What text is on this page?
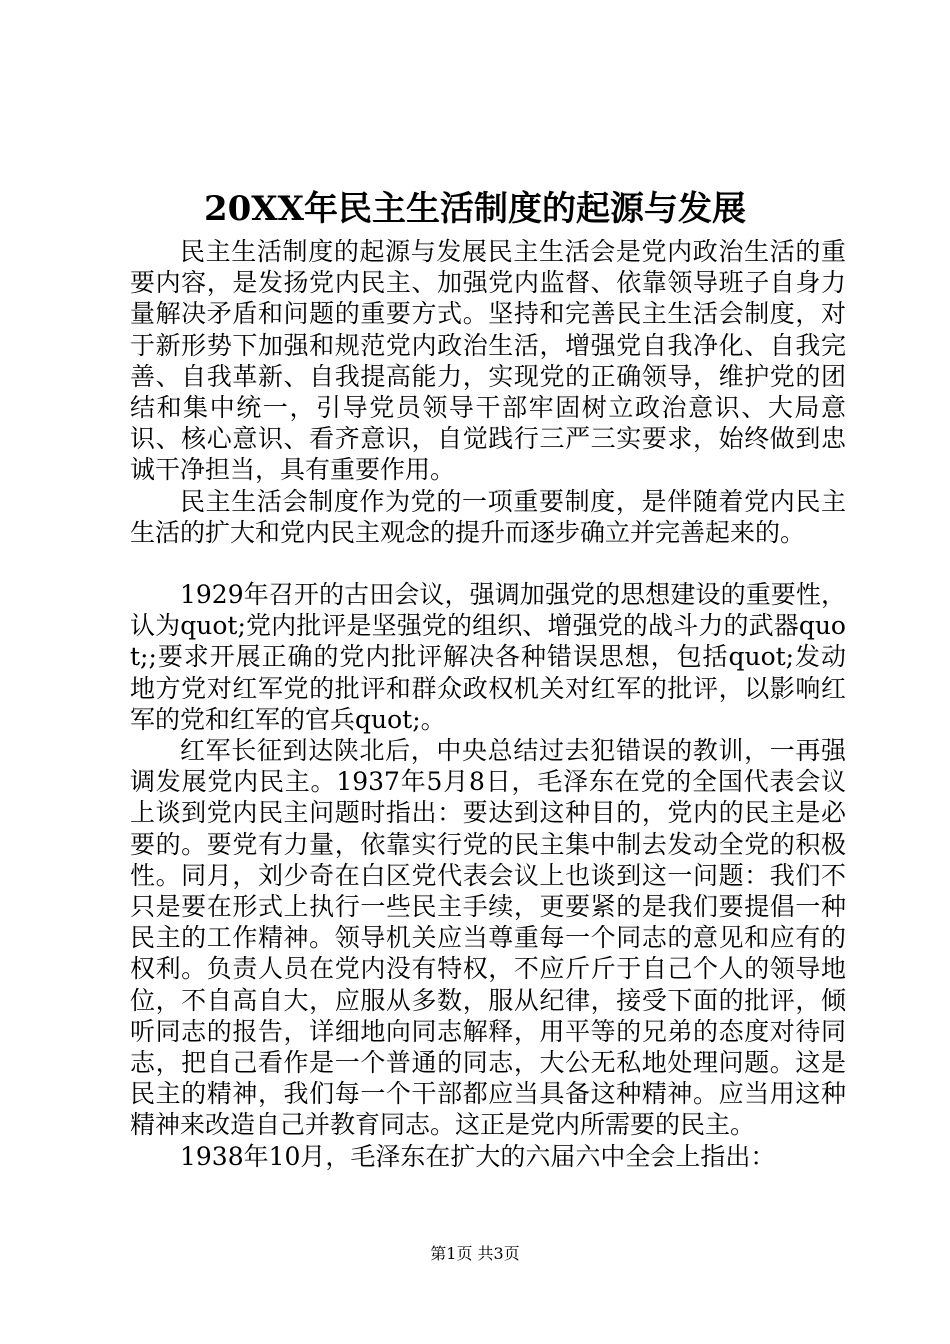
20XX年民主生活制度的起源与发展

民主生活制度的起源与发展民主生活会是党内政治生活的重要内容，是发扬党内民主、加强党内监督、依靠领导班子自身力量解决矛盾和问题的重要方式。坚持和完善民主生活会制度，对于新形势下加强和规范党内政治生活，增强党自我净化、自我完善、自我革新、自我提高能力，实现党的正确领导，维护党的团结和集中统一，引导党员领导干部牢固树立政治意识、大局意识、核心意识、看齐意识，自觉践行三严三实要求，始终做到忠诚干净担当，具有重要作用。

民主生活会制度作为党的一项重要制度，是伴随着党内民主生活的扩大和党内民主观念的提升而逐步确立并完善起来的。

1929年召开的古田会议，强调加强党的思想建设的重要性，认为quot;党内批评是坚强党的组织、增强党的战斗力的武器quot;;要求开展正确的党内批评解决各种错误思想，包括quot;发动地方党对红军党的批评和群众政权机关对红军的批评，以影响红军的党和红军的官兵quot;。

红军长征到达陕北后，中央总结过去犯错误的教训，一再强调发展党内民主。1937年5月8日，毛泽东在党的全国代表会议上谈到党内民主问题时指出：要达到这种目的，党内的民主是必要的。要党有力量，依靠实行党的民主集中制去发动全党的积极性。同月，刘少奇在白区党代表会议上也谈到这一问题：我们不只是要在形式上执行一些民主手续，更要紧的是我们要提倡一种民主的工作精神。领导机关应当尊重每一个同志的意见和应有的权利。负责人员在党内没有特权，不应斤斤于自己个人的领导地位，不自高自大，应服从多数，服从纪律，接受下面的批评，倾听同志的报告，详细地向同志解释，用平等的兄弟的态度对待同志，把自己看作是一个普通的同志，大公无私地处理问题。这是民主的精神，我们每一个干部都应当具备这种精神。应当用这种精神来改造自己并教育同志。这正是党内所需要的民主。

1938年10月，毛泽东在扩大的六届六中全会上指出：

第1页 共3页
